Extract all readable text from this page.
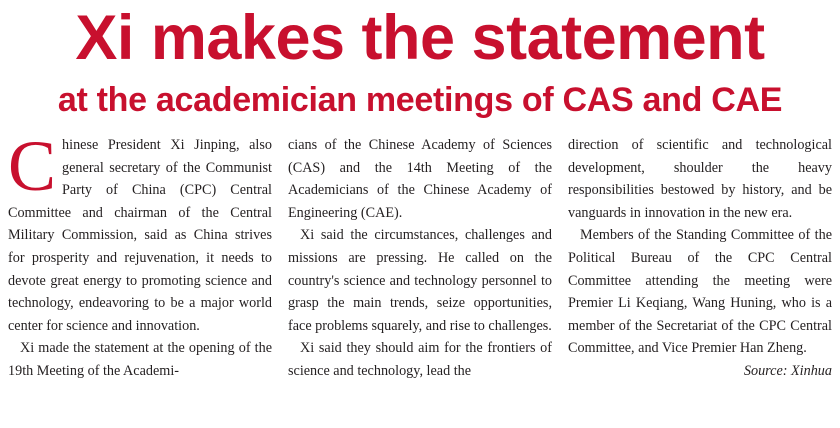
Xi makes the statement
at the academician meetings of CAS and CAE

Chinese President Xi Jinping, also general secretary of the Communist Party of China (CPC) Central Committee and chairman of the Central Military Commission, said as China strives for prosperity and rejuvenation, it needs to devote great energy to promoting science and technology, endeavoring to be a major world center for science and innovation.

Xi made the statement at the opening of the 19th Meeting of the Academi-

cians of the Chinese Academy of Sciences (CAS) and the 14th Meeting of the Academicians of the Chinese Academy of Engineering (CAE).

Xi said the circumstances, challenges and missions are pressing. He called on the country's science and technology personnel to grasp the main trends, seize opportunities, face problems squarely, and rise to challenges.

Xi said they should aim for the frontiers of science and technology, lead the

direction of scientific and technological development, shoulder the heavy responsibilities bestowed by history, and be vanguards in innovation in the new era.

Members of the Standing Committee of the Political Bureau of the CPC Central Committee attending the meeting were Premier Li Keqiang, Wang Huning, who is a member of the Secretariat of the CPC Central Committee, and Vice Premier Han Zheng.

Source: Xinhua
